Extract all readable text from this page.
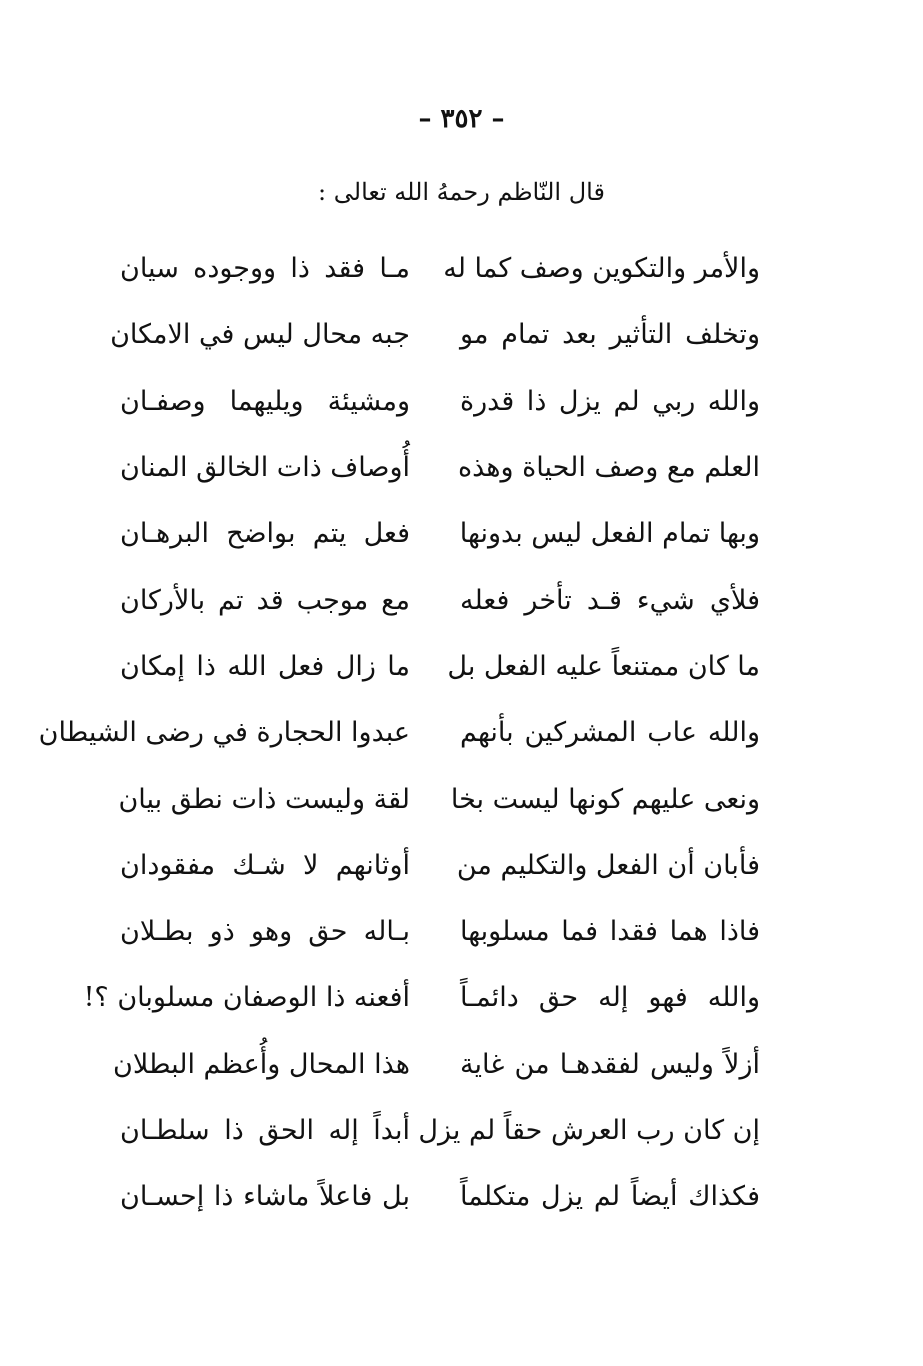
– ٣٥٢ –
قال النّاظم رحمهُ الله تعالى :
والأمر والتكوين وصف كما له
مـا فقد ذا ووجوده سيان
وتخلف التأثير بعد تمام مو
جبه محال ليس في الامكان
والله ربي لم يزل ذا قدرة
ومشيئة ويليهما وصفـان
العلم مع وصف الحياة وهذه
أُوصاف ذات الخالق المنان
وبها تمام الفعل ليس بدونها
فعل يتم بواضح البرهـان
فلأي شيء قـد تأخر فعله
مع موجب قد تم بالأركان
ما كان ممتنعاً عليه الفعل بل
ما زال فعل الله ذا إمكان
والله عاب المشركين بأنهم
عبدوا الحجارة في رضى الشيطان
ونعى عليهم كونها ليست بخا
لقة وليست ذات نطق بيان
فأبان أن الفعل والتكليم من
أوثانهم لا شـك مفقودان
فاذا هما فقدا فما مسلوبها
بـاله حق وهو ذو بطـلان
والله فهو إله حق دائمـاً
أفعنه ذا الوصفان مسلوبان ؟!
أزلاً وليس لفقدهـا من غاية
هذا المحال وأُعظم البطلان
إن كان رب العرش حقاً لم يزل
أبداً إله الحق ذا سلطـان
فكذاك أيضاً لم يزل متكلماً
بل فاعلاً ماشاء ذا إحسـان
